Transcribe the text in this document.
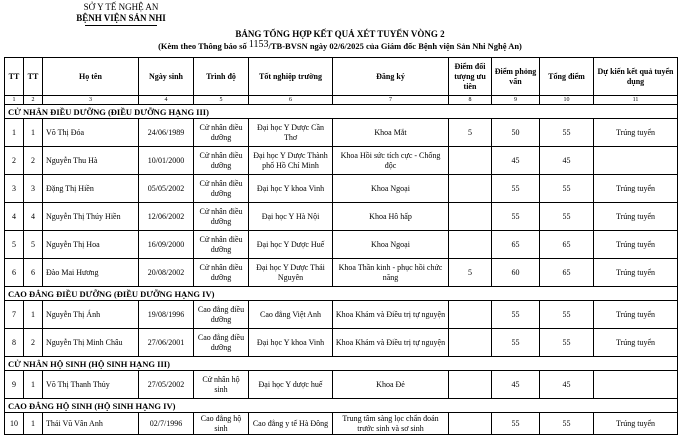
SỞ Y TẾ NGHỆ AN
BỆNH VIỆN SẢN NHI
BẢNG TỔNG HỢP KẾT QUẢ XÉT TUYỂN VÒNG 2
(Kèm theo Thông báo số 1153/TB-BVSN ngày 02/6/2025 của Giám đốc Bệnh viện Sản Nhi Nghệ An)
TT	TT	Họ tên	Ngày sinh	Trình độ	Tốt nghiệp trường	Đăng ký	Điểm đối tượng ưu tiên	Điểm phỏng vấn	Tổng điểm	Dự kiến kết quả tuyển dụng
1	2	3	4	5	6	7	8	9	10	11
CỬ NHÂN ĐIỀU DƯỠNG (ĐIỀU DƯỠNG HẠNG III)										
1	1	Võ Thị Đóa	24/06/1989	Cử nhân điều dưỡng	Đại học Y Dược Cần Thơ	Khoa Mắt	5	50	55	Trúng tuyển
2	2	Nguyễn Thu Hà	10/01/2000	Cử nhân điều dưỡng	Đại học Y Dược Thành phố Hồ Chí Minh	Khoa Hồi sức tích cực - Chống độc		45	45	
3	3	Đặng Thị Hiền	05/05/2002	Cử nhân điều dưỡng	Đại học Y khoa Vinh	Khoa Ngoại		55	55	Trúng tuyển
4	4	Nguyễn Thị Thúy Hiền	12/06/2002	Cử nhân điều dưỡng	Đại học Y Hà Nội	Khoa Hô hấp		55	55	Trúng tuyển
5	5	Nguyễn Thị Hoa	16/09/2000	Cử nhân điều dưỡng	Đại học Y Dược Huế	Khoa Ngoại		65	65	Trúng tuyển
6	6	Đào Mai Hương	20/08/2002	Cử nhân điều dưỡng	Đại học Y Dược Thái Nguyên	Khoa Thần kinh - phục hồi chức năng	5	60	65	Trúng tuyển
CAO ĐẲNG ĐIỀU DƯỠNG (ĐIỀU DƯỠNG HẠNG IV)										
7	1	Nguyễn Thị Ánh	19/08/1996	Cao đẳng điều dưỡng	Cao đẳng Việt Anh	Khoa Khám và Điều trị tự nguyện		55	55	Trúng tuyển
8	2	Nguyễn Thị Minh Châu	27/06/2001	Cao đẳng điều dưỡng	Đại học Y khoa Vinh	Khoa Khám và Điều trị tự nguyện		55	55	Trúng tuyển
CỬ NHÂN HỘ SINH (HỘ SINH HẠNG III)										
9	1	Võ Thị Thanh Thủy	27/05/2002	Cử nhân hộ sinh	Đại học Y dược huế	Khoa Đẻ		45	45	
CAO ĐẲNG HỘ SINH (HỘ SINH HẠNG IV)										
10	1	Thái Vũ Vân Anh	02/7/1996	Cao đẳng hộ sinh	Cao đẳng y tế Hà Đông	Trung tâm sàng lọc chẩn đoán trước sinh và sơ sinh		55	55	Trúng tuyển
